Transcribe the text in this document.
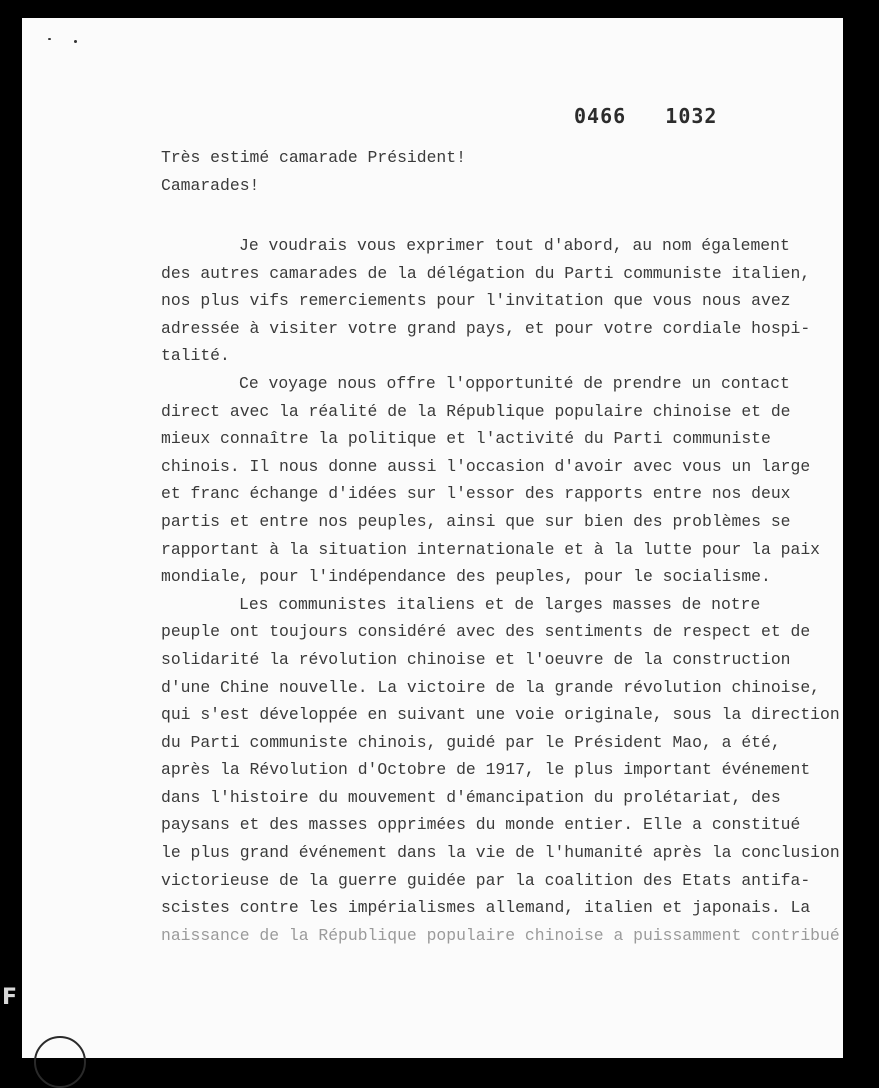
0466 1032
Très estimé camarade Président!
Camarades!
Je voudrais vous exprimer tout d'abord, au nom également
des autres camarades de la délégation du Parti communiste italien,
nos plus vifs remerciements pour l'invitation que vous nous avez
adressée à visiter votre grand pays, et pour votre cordiale hospi-
talité.
Ce voyage nous offre l'opportunité de prendre un contact
direct avec la réalité de la République populaire chinoise et de
mieux connaître la politique et l'activité du Parti communiste
chinois. Il nous donne aussi l'occasion d'avoir avec vous un large
et franc échange d'idées sur l'essor des rapports entre nos deux
partis et entre nos peuples, ainsi que sur bien des problèmes se
rapportant à la situation internationale et à la lutte pour la paix
mondiale, pour l'indépendance des peuples, pour le socialisme.
Les communistes italiens et de larges masses de notre
peuple ont toujours considéré avec des sentiments de respect et de
solidarité la révolution chinoise et l'oeuvre de la construction
d'une Chine nouvelle. La victoire de la grande révolution chinoise,
qui s'est développée en suivant une voie originale, sous la direction
du Parti communiste chinois, guidé par le Président Mao, a été,
après la Révolution d'Octobre de 1917, le plus important événement
dans l'histoire du mouvement d'émancipation du prolétariat, des
paysans et des masses opprimées du monde entier. Elle a constitué
le plus grand événement dans la vie de l'humanité après la conclusion
victorieuse de la guerre guidée par la coalition des Etats antifa-
scistes contre les impérialismes allemand, italien et japonais. La
naissance de la République populaire chinoise a puissamment contribué
F
